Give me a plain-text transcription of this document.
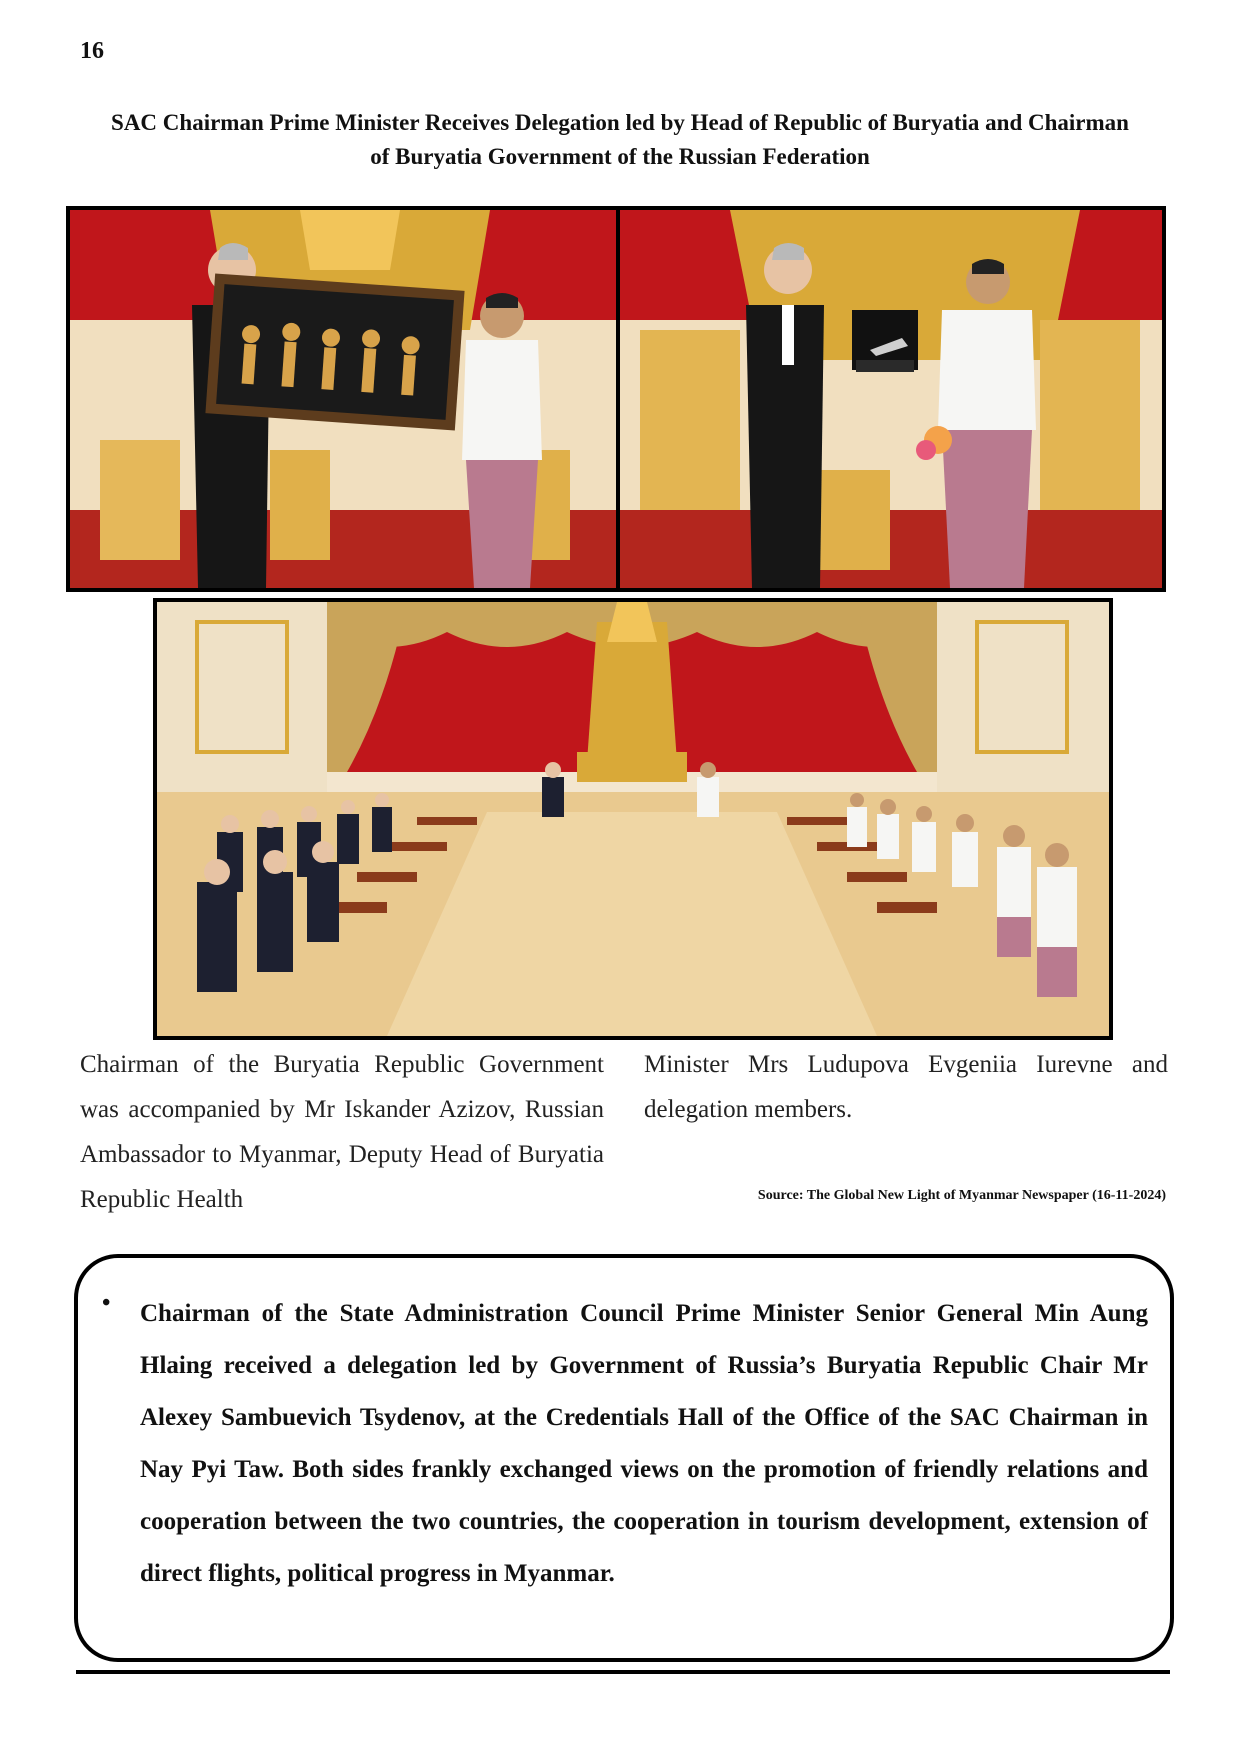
16
SAC Chairman Prime Minister Receives Delegation led by Head of Republic of Buryatia and Chairman of Buryatia Government of the Russian Federation
Chairman of the Buryatia Republic Government was accompanied by Mr Iskander Azizov, Russian Ambassador to Myanmar, Deputy Head of Buryatia Republic Health
Minister Mrs Ludupova Evgeniia Iurevne and delegation members.
Source: The Global New Light of Myanmar Newspaper (16-11-2024)
• Chairman of the State Administration Council Prime Minister Senior General Min Aung Hlaing received a delegation led by Government of Russia’s Buryatia Republic Chair Mr Alexey Sambuevich Tsydenov, at the Credentials Hall of the Office of the SAC Chairman in Nay Pyi Taw. Both sides frankly exchanged views on the promotion of friendly relations and cooperation between the two countries, the cooperation in tourism development, extension of direct flights, political progress in Myanmar.
